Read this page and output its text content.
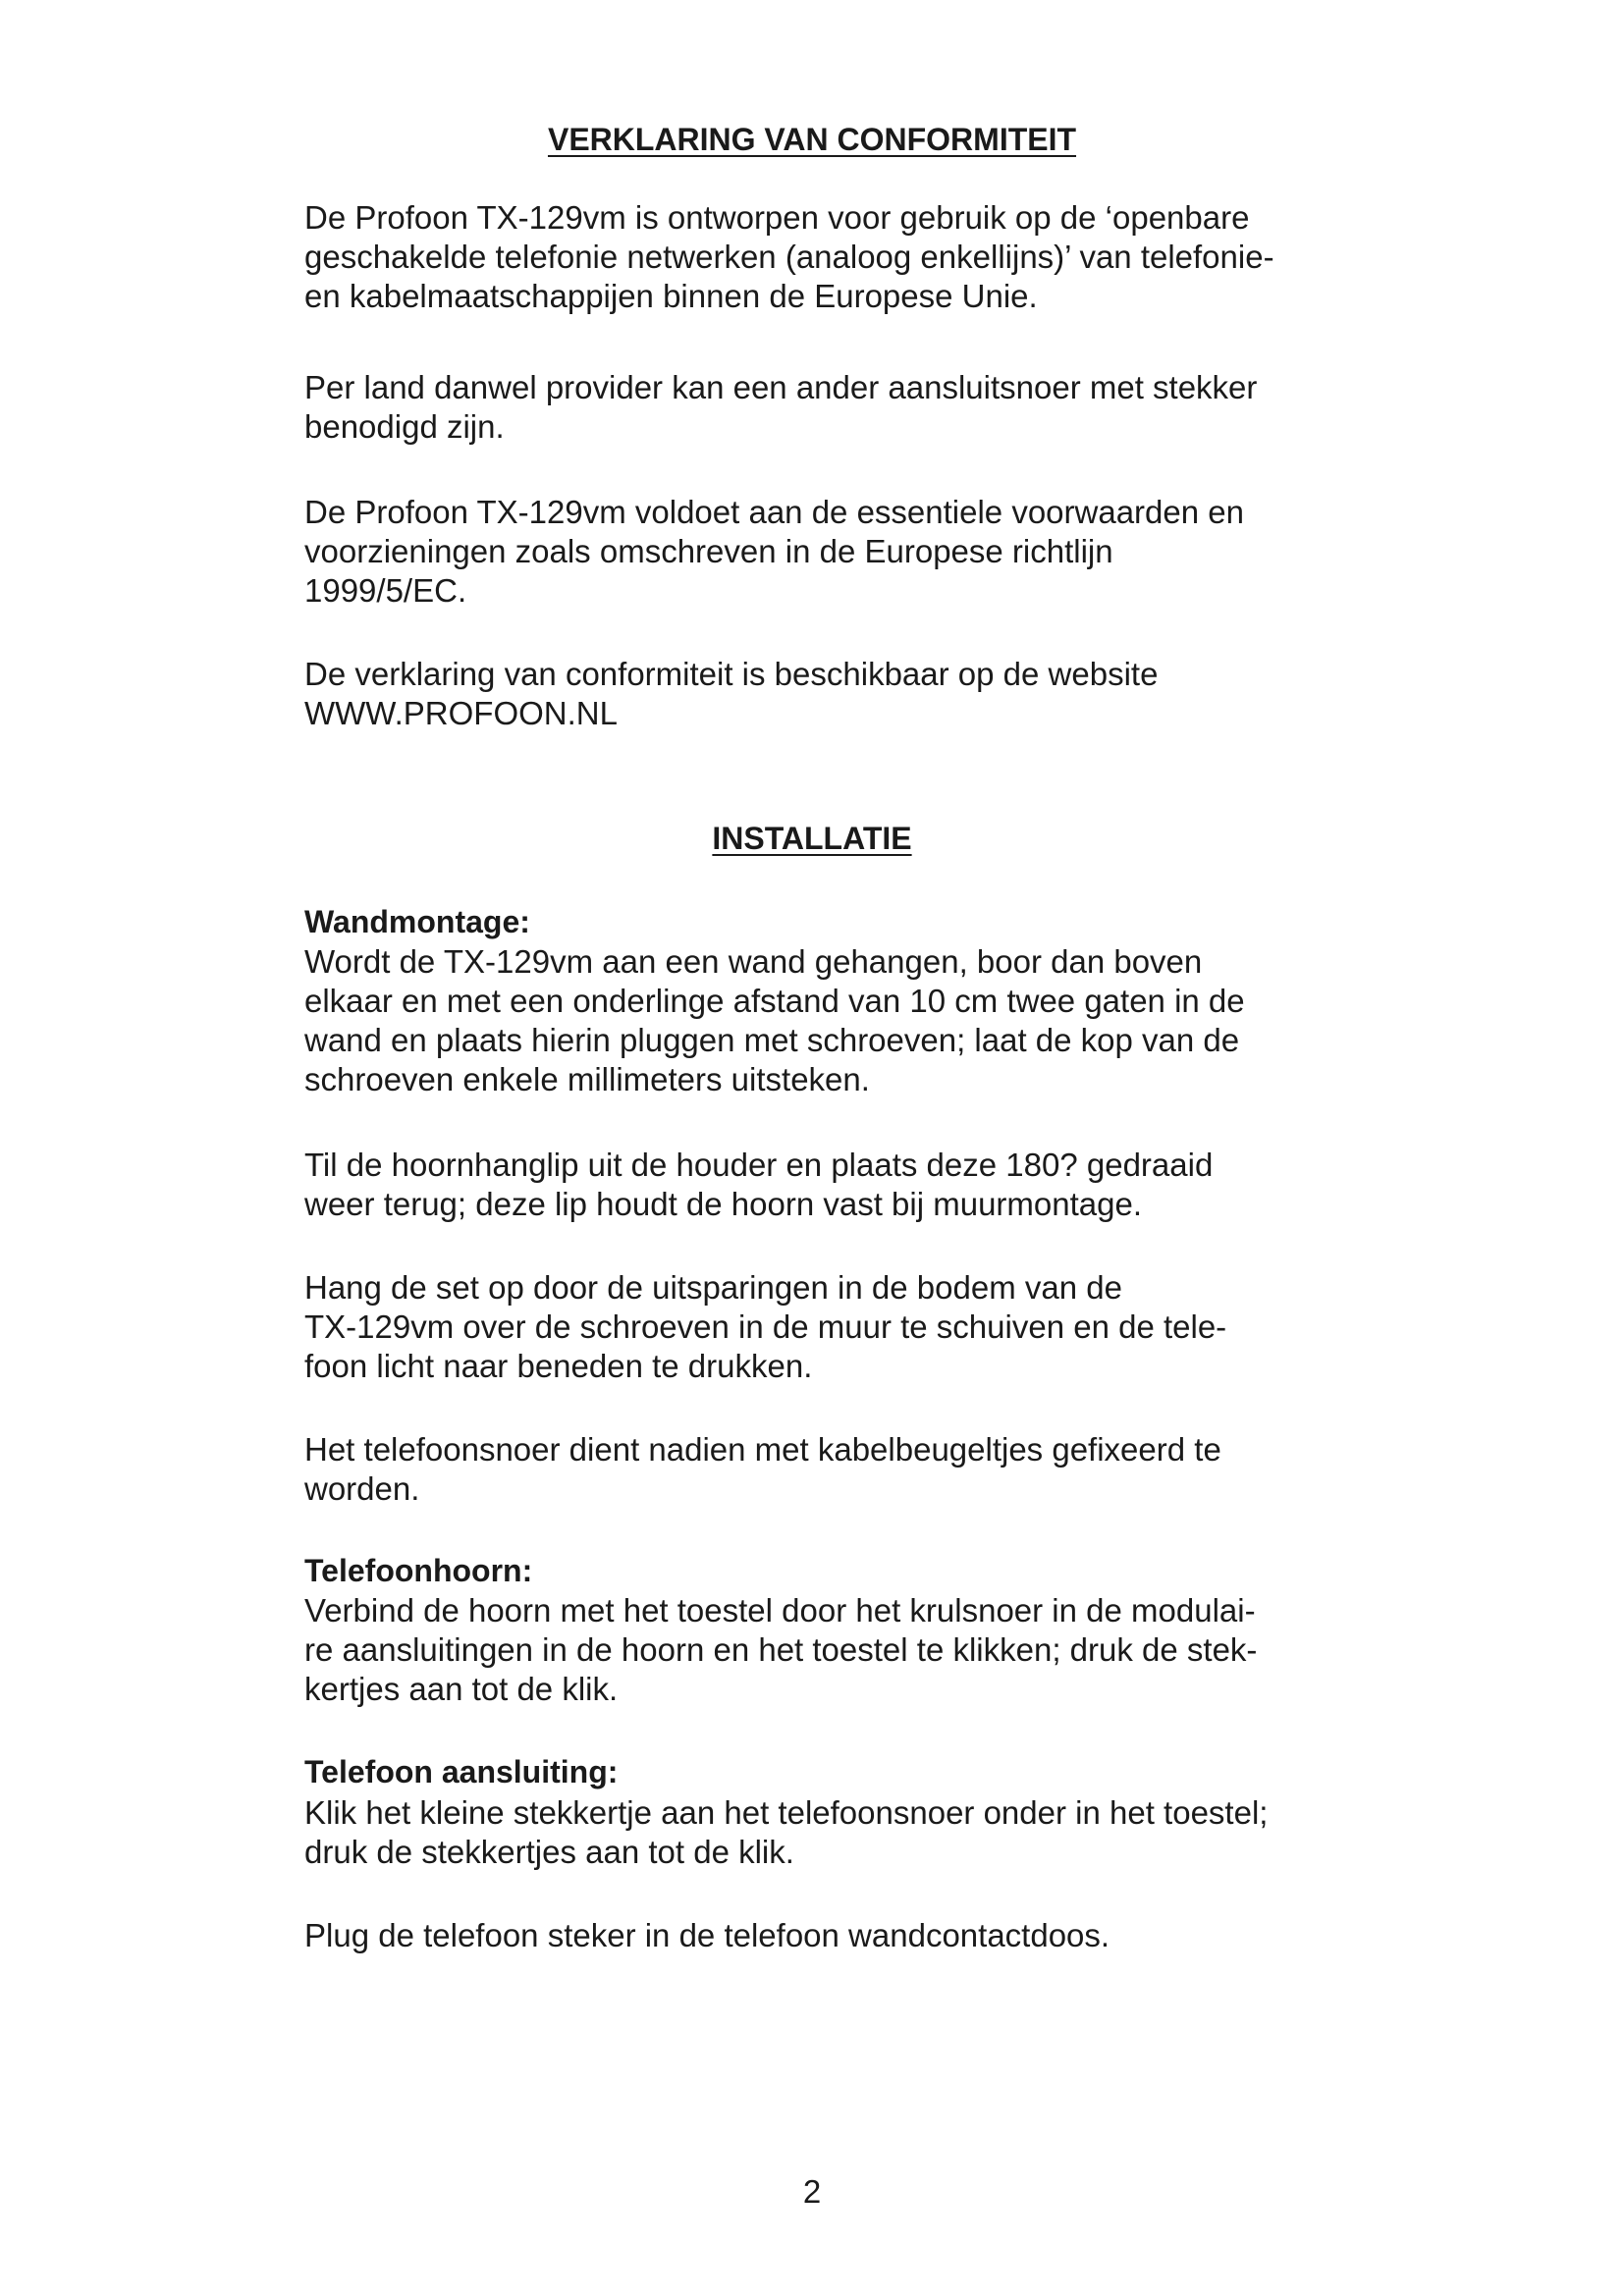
VERKLARING VAN CONFORMITEIT

De Profoon TX-129vm is ontworpen voor gebruik op de ‘openbare
geschakelde telefonie netwerken (analoog enkellijns)’ van telefonie-
en kabelmaatschappijen binnen de Europese Unie.

Per land danwel provider kan een ander aansluitsnoer met stekker
benodigd zijn.

De Profoon TX-129vm voldoet aan de essentiele voorwaarden en
voorzieningen zoals omschreven in de Europese richtlijn
1999/5/EC.

De verklaring van conformiteit is beschikbaar op de website
WWW.PROFOON.NL

INSTALLATIE
Wandmontage:

Wordt de TX-129vm aan een wand gehangen, boor dan boven
elkaar en met een onderlinge afstand van 10 cm twee gaten in de
wand en plaats hierin pluggen met schroeven; laat de kop van de
schroeven enkele millimeters uitsteken.

Til de hoornhanglip uit de houder en plaats deze 180? gedraaid
weer terug; deze lip houdt de hoorn vast bij muurmontage.

Hang de set op door de uitsparingen in de bodem van de
TX-129vm over de schroeven in de muur te schuiven en de tele-
foon licht naar beneden te drukken.

Het telefoonsnoer dient nadien met kabelbeugeltjes gefixeerd te
worden.

Telefoonhoorn:

Verbind de hoorn met het toestel door het krulsnoer in de modulai-
re aansluitingen in de hoorn en het toestel te klikken; druk de stek-
kertjes aan tot de klik.

Telefoon aansluiting:

Klik het kleine stekkertje aan het telefoonsnoer onder in het toestel;
druk de stekkertjes aan tot de klik.

Plug de telefoon steker in de telefoon wandcontactdoos.

2
